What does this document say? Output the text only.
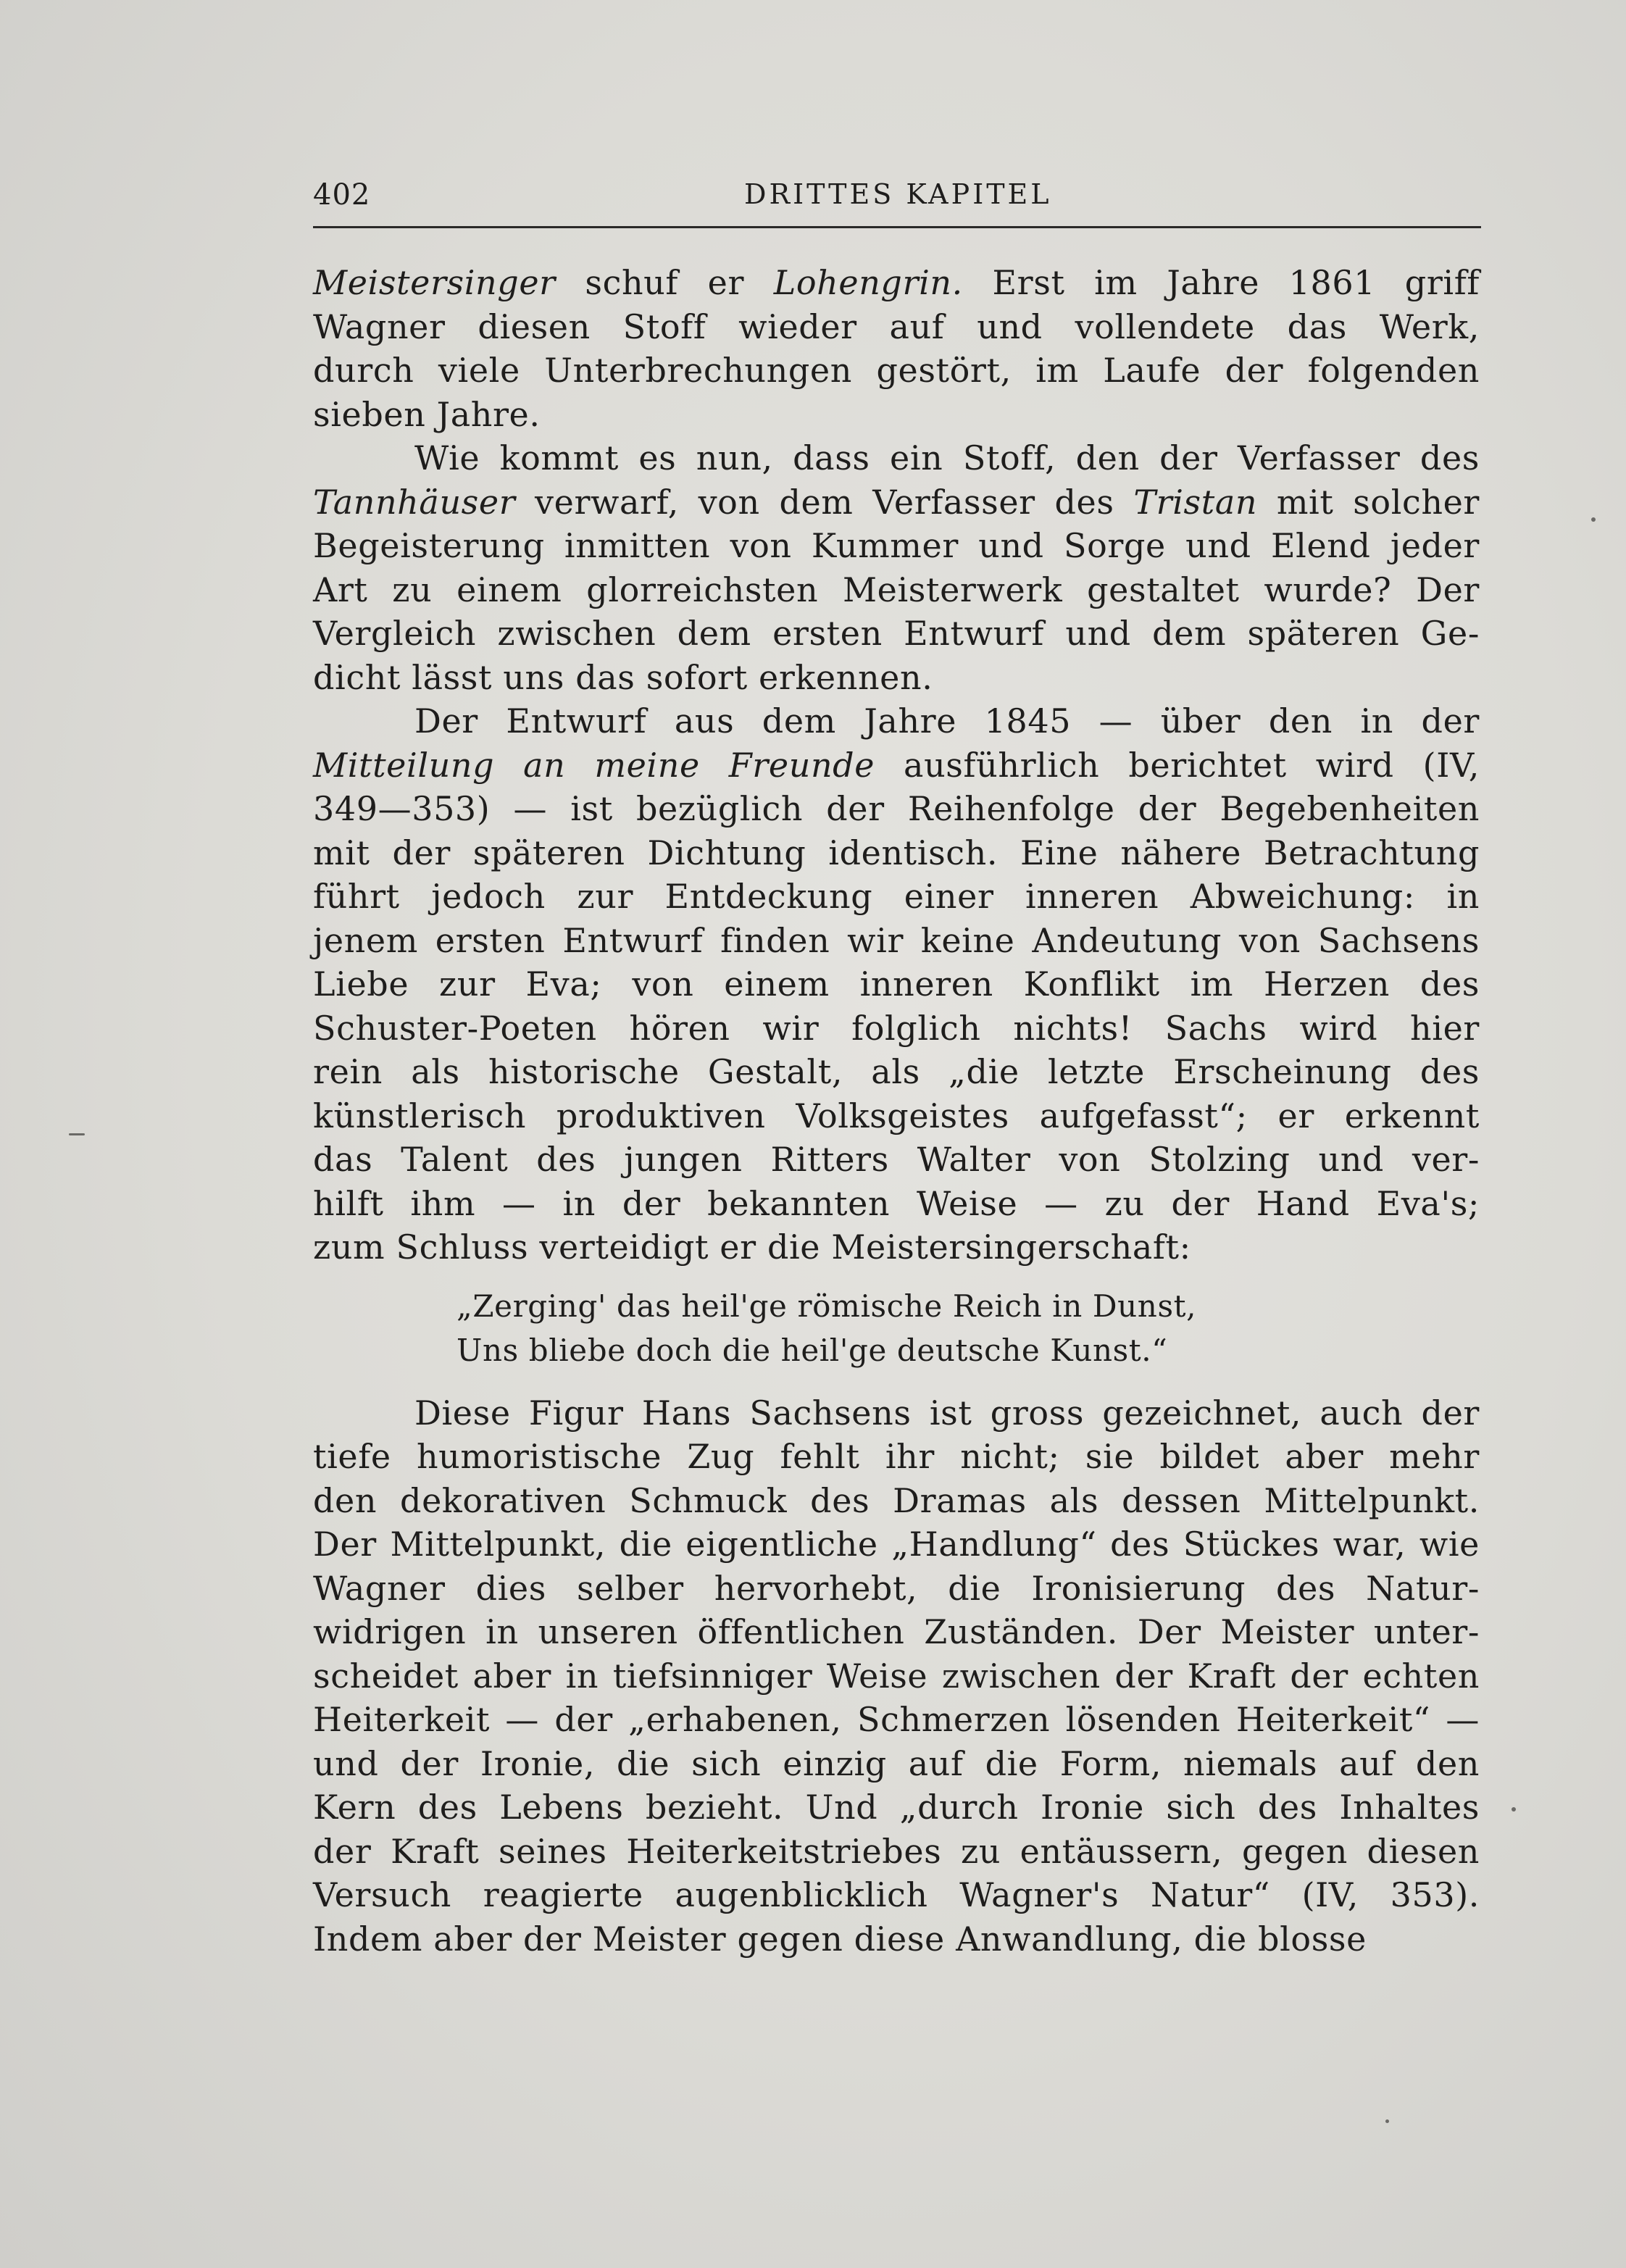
402	DRITTES KAPITEL
Meistersinger schuf er Lohengrin. Erst im Jahre 1861 griff
Wagner diesen Stoff wieder auf und vollendete das Werk,
durch viele Unterbrechungen gestört, im Laufe der folgenden
sieben Jahre.
Wie kommt es nun, dass ein Stoff, den der Verfasser des
Tannhäuser verwarf, von dem Verfasser des Tristan mit solcher
Begeisterung inmitten von Kummer und Sorge und Elend jeder
Art zu einem glorreichsten Meisterwerk gestaltet wurde? Der
Vergleich zwischen dem ersten Entwurf und dem späteren Ge-
dicht lässt uns das sofort erkennen.
Der Entwurf aus dem Jahre 1845 — über den in der
Mitteilung an meine Freunde ausführlich berichtet wird (IV,
349—353) — ist bezüglich der Reihenfolge der Begebenheiten
mit der späteren Dichtung identisch. Eine nähere Betrachtung
führt jedoch zur Entdeckung einer inneren Abweichung: in
jenem ersten Entwurf finden wir keine Andeutung von Sachsens
Liebe zur Eva; von einem inneren Konflikt im Herzen des
Schuster-Poeten hören wir folglich nichts! Sachs wird hier
rein als historische Gestalt, als „die letzte Erscheinung des
künstlerisch produktiven Volksgeistes aufgefasst“; er erkennt
das Talent des jungen Ritters Walter von Stolzing und ver-
hilft ihm — in der bekannten Weise — zu der Hand Eva's;
zum Schluss verteidigt er die Meistersingerschaft:
„Zerging' das heil'ge römische Reich in Dunst,
Uns bliebe doch die heil'ge deutsche Kunst.“
Diese Figur Hans Sachsens ist gross gezeichnet, auch der
tiefe humoristische Zug fehlt ihr nicht; sie bildet aber mehr
den dekorativen Schmuck des Dramas als dessen Mittelpunkt.
Der Mittelpunkt, die eigentliche „Handlung“ des Stückes war, wie
Wagner dies selber hervorhebt, die Ironisierung des Natur-
widrigen in unseren öffentlichen Zuständen. Der Meister unter-
scheidet aber in tiefsinniger Weise zwischen der Kraft der echten
Heiterkeit — der „erhabenen, Schmerzen lösenden Heiterkeit“ —
und der Ironie, die sich einzig auf die Form, niemals auf den
Kern des Lebens bezieht. Und „durch Ironie sich des Inhaltes
der Kraft seines Heiterkeitstriebes zu entäussern, gegen diesen
Versuch reagierte augenblicklich Wagner's Natur“ (IV, 353).
Indem aber der Meister gegen diese Anwandlung, die blosse
